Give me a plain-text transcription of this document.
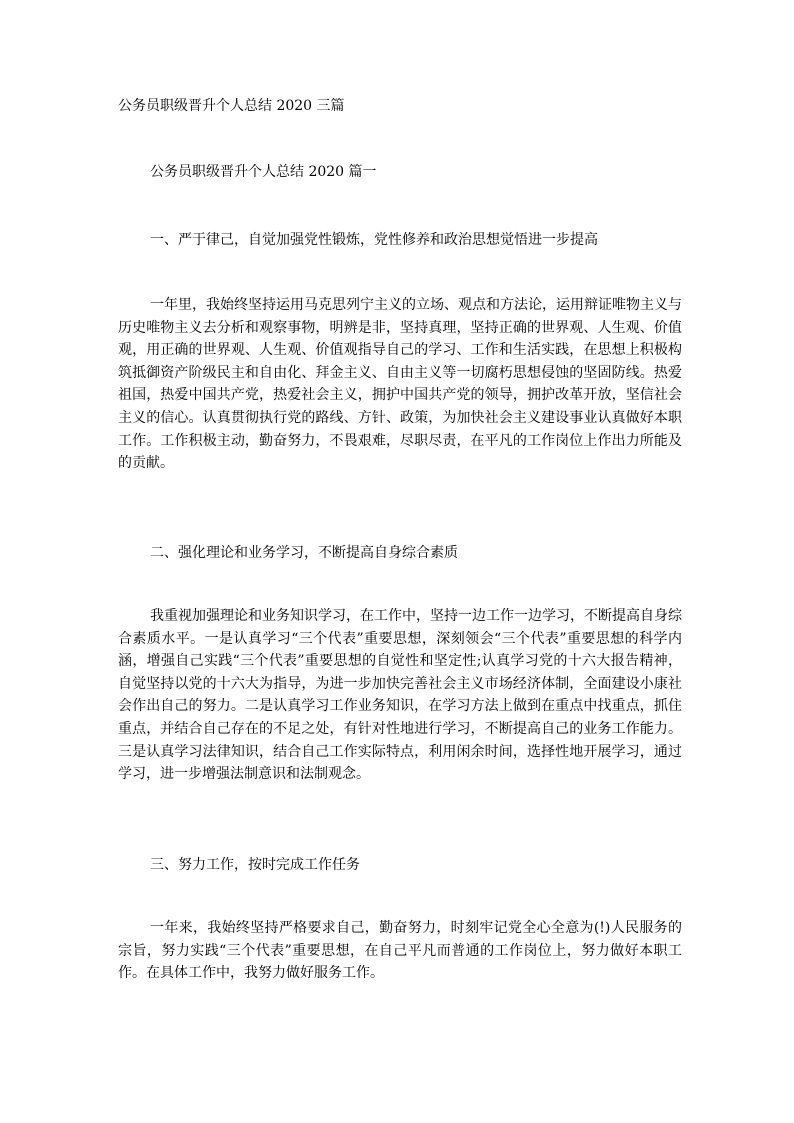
公务员职级晋升个人总结 2020 三篇
公务员职级晋升个人总结 2020 篇一
一、严于律己，自觉加强党性锻炼，党性修养和政治思想觉悟进一步提高

一年里，我始终坚持运用马克思列宁主义的立场、观点和方法论，运用辩证唯物主义与历史唯物主义去分析和观察事物，明辨是非，坚持真理，坚持正确的世界观、人生观、价值观，用正确的世界观、人生观、价值观指导自己的学习、工作和生活实践，在思想上积极构筑抵御资产阶级民主和自由化、拜金主义、自由主义等一切腐朽思想侵蚀的坚固防线。热爱祖国，热爱中国共产党，热爱社会主义，拥护中国共产党的领导，拥护改革开放，坚信社会主义的信心。认真贯彻执行党的路线、方针、政策，为加快社会主义建设事业认真做好本职工作。工作积极主动，勤奋努力，不畏艰难，尽职尽责，在平凡的工作岗位上作出力所能及的贡献。

二、强化理论和业务学习，不断提高自身综合素质

我重视加强理论和业务知识学习，在工作中，坚持一边工作一边学习，不断提高自身综合素质水平。一是认真学习“三个代表”重要思想，深刻领会“三个代表”重要思想的科学内涵，增强自己实践“三个代表”重要思想的自觉性和坚定性;认真学习党的十六大报告精神，自觉坚持以党的十六大为指导，为进一步加快完善社会主义市场经济体制，全面建设小康社会作出自己的努力。二是认真学习工作业务知识，在学习方法上做到在重点中找重点，抓住重点，并结合自己存在的不足之处，有针对性地进行学习，不断提高自己的业务工作能力。三是认真学习法律知识，结合自己工作实际特点，利用闲余时间，选择性地开展学习，通过学习，进一步增强法制意识和法制观念。

三、努力工作，按时完成工作任务

一年来，我始终坚持严格要求自己，勤奋努力，时刻牢记党全心全意为(!)人民服务的宗旨，努力实践“三个代表”重要思想，在自己平凡而普通的工作岗位上，努力做好本职工作。在具体工作中，我努力做好服务工作。
